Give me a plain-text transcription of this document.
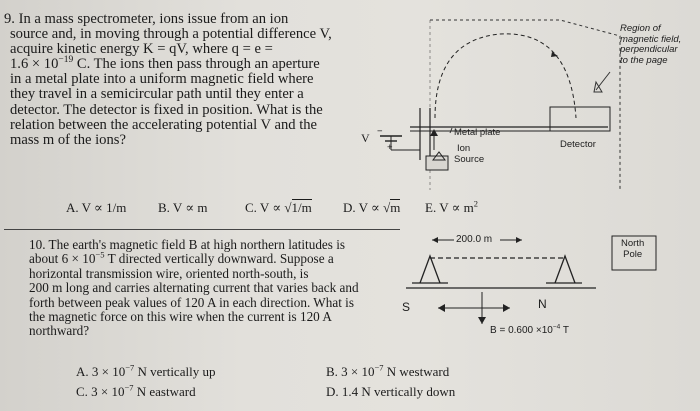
9. In a mass spectrometer, ions issue from an ion
source and, in moving through a potential difference V,
acquire kinetic energy K = qV, where q = e =
$1.6 \times 10^{-19}$ C. The ions then pass through an aperture
in a metal plate into a uniform magnetic field where
they travel in a semicircular path until they enter a
detector. The detector is fixed in position. What is the
relation between the accelerating potential V and the
mass m of the ions?
A. V ∝ 1/m B. V ∝ m	C. V ∝ √1/m D. V ∝ √m E. $V \propto m^2$
10. The earth's magnetic field B at high northern latitudes is
about $6 \times 10^{-5}$ T directed vertically downward. Suppose a
horizontal transmission wire, oriented north-south, is
200 m long and carries alternating current that varies back and
forth between peak values of 120 A in each direction. What is
the magnetic force on this wire when the current is 120 A
northward?
A. $3 \times 10^{-7}$ N vertically up	B. $3 \times 10^{-7}$ N westward
C. $3 \times 10^{-7}$ N eastward	D. 1.4 N vertically down
Region of
magnetic field,
perpendicular
to the page
Metal plate
Ion
Source
Detector
V −
+
200.0 m	North
Pole
S	N
$B = 0.600 \times 10^{-4}$ T
